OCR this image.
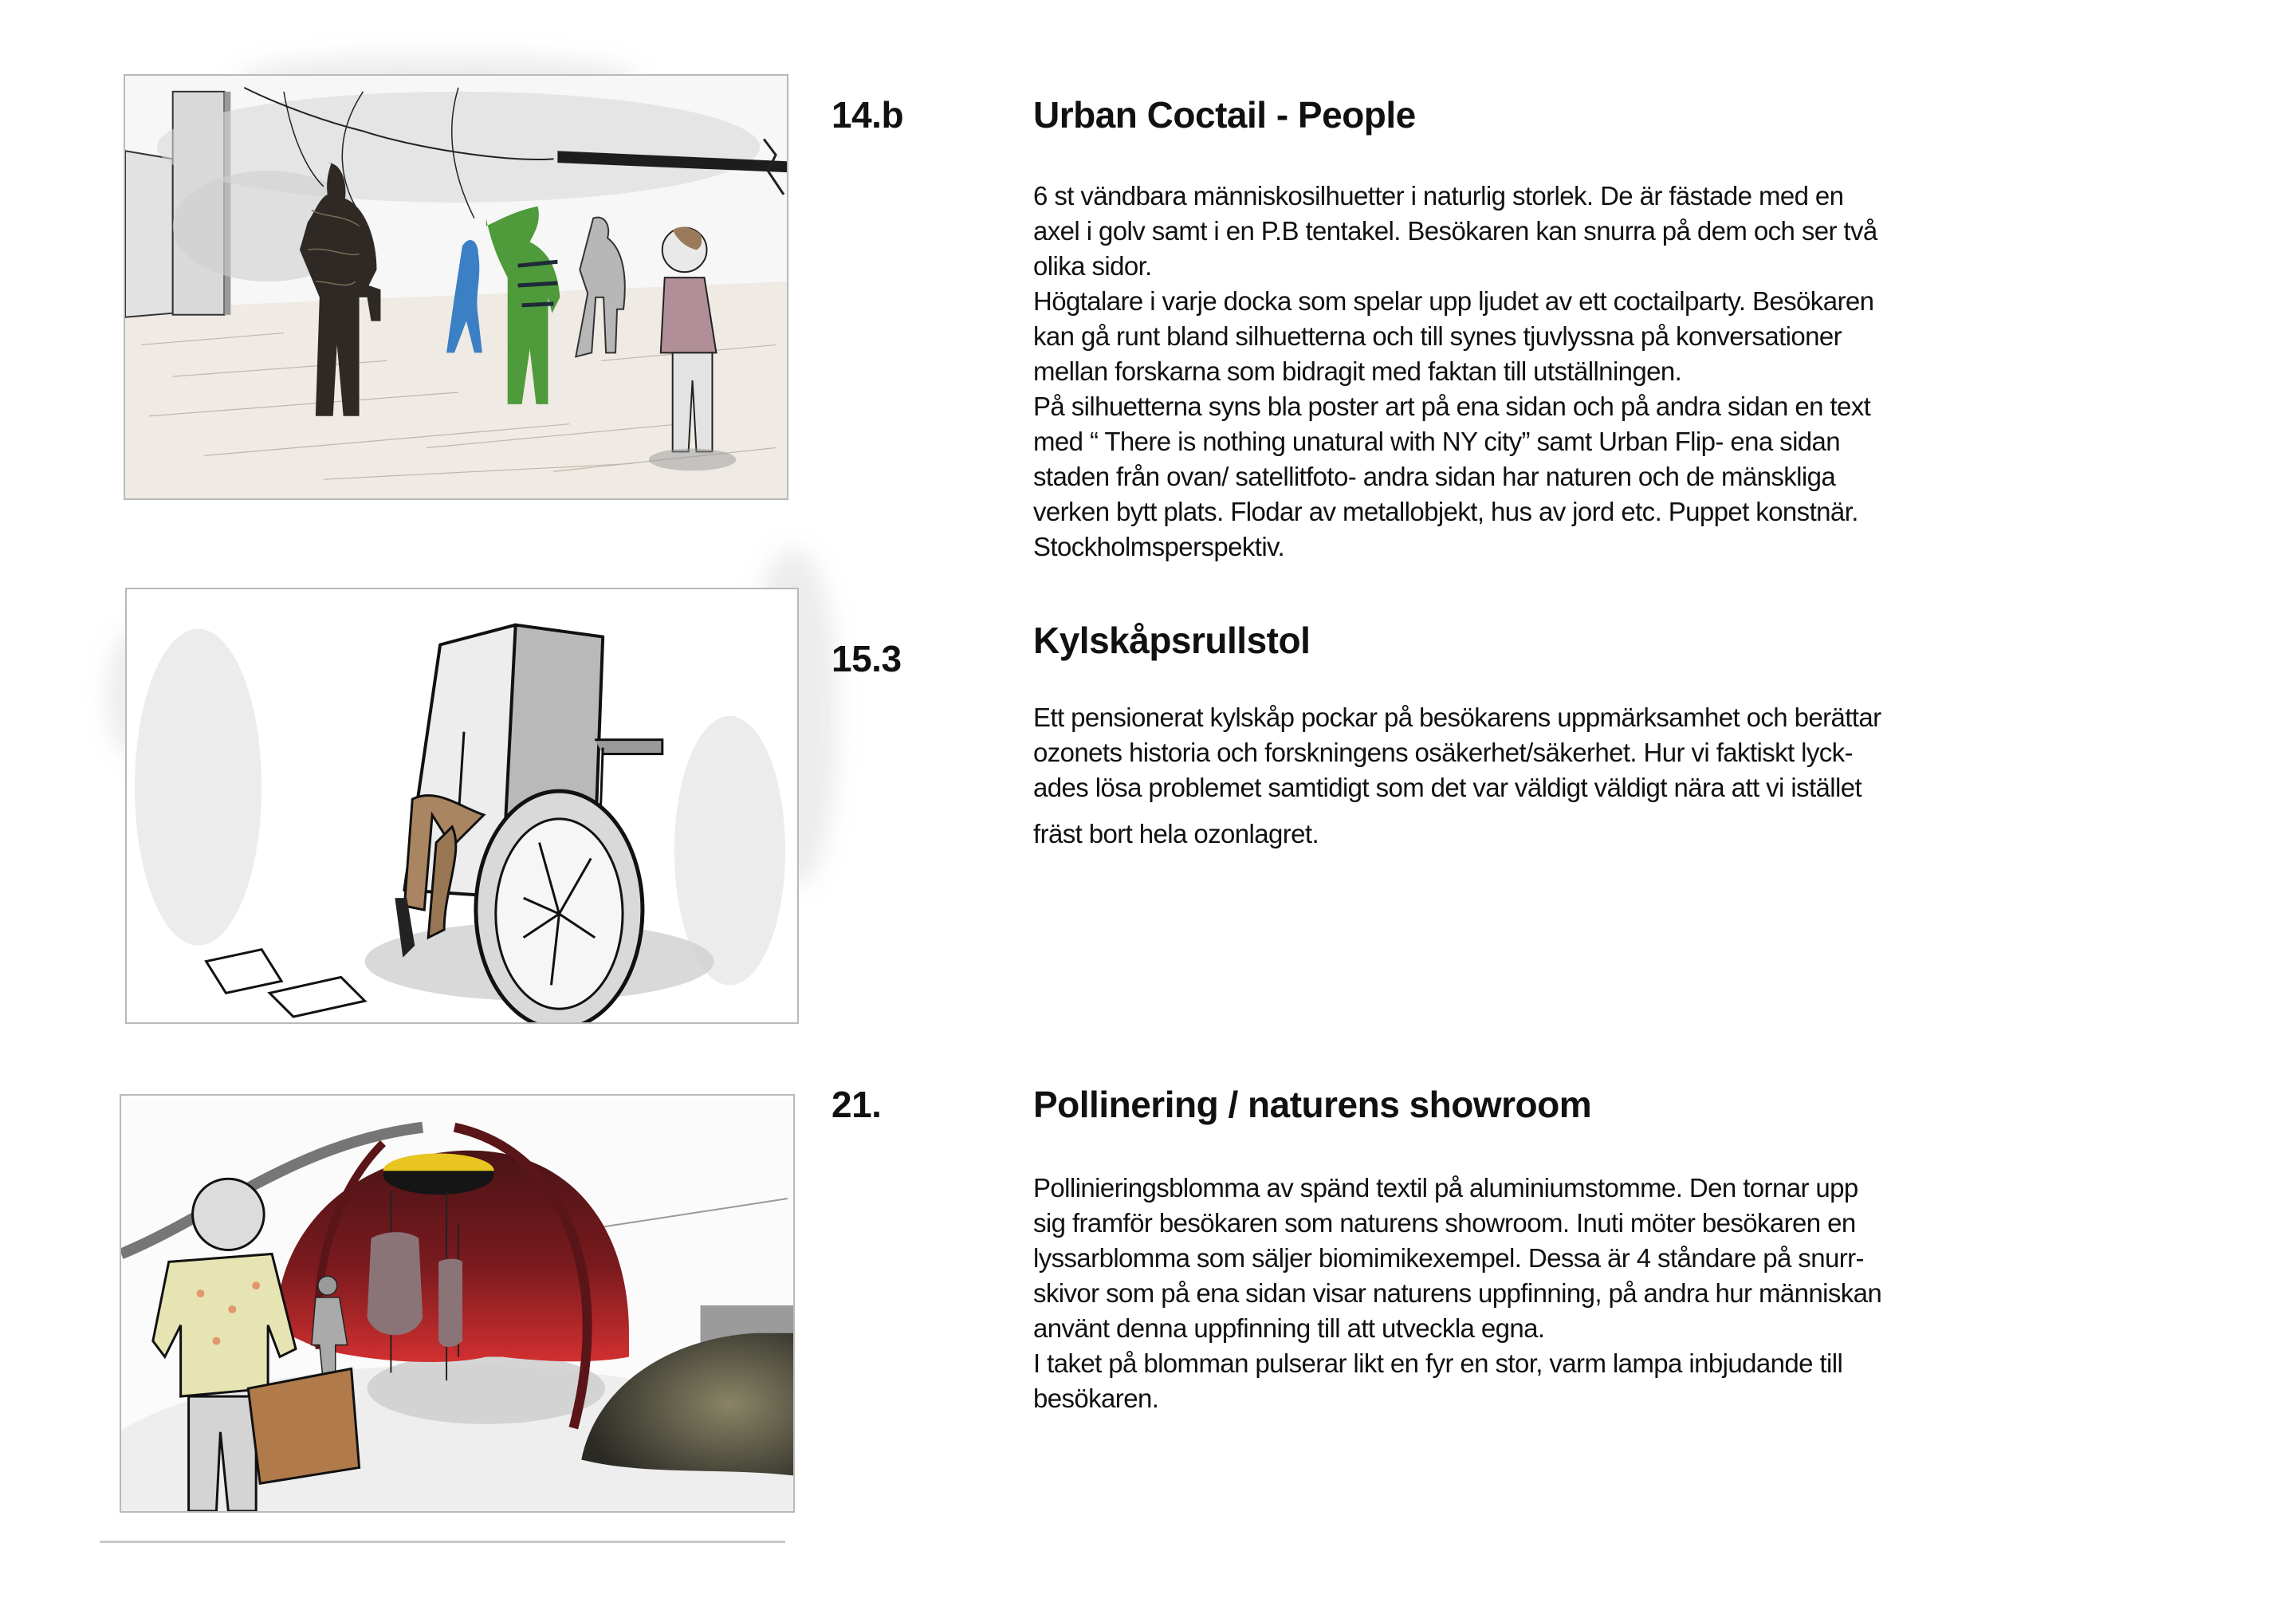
14.b	Urban Coctail - People

6 st vändbara människosilhuetter i naturlig storlek. De är fästade med en

axel i golv samt i en P.B tentakel. Besökaren kan snurra på dem och ser två

olika sidor.

Högtalare i varje docka som spelar upp ljudet av ett coctailparty. Besökaren

kan gå runt bland silhuetterna och till synes tjuvlyssna på konversationer

mellan forskarna som bidragit med faktan till utställningen.

På silhuetterna syns bla poster art på ena sidan och på andra sidan en text

med “ There is nothing unatural with NY city” samt Urban Flip- ena sidan

staden från ovan/ satellitfoto- andra sidan har naturen och de mänskliga

verken bytt plats. Flodar av metallobjekt, hus av jord etc. Puppet konstnär.

Stockholmsperspektiv.

15.3	Kylskåpsrullstol

Ett pensionerat kylskåp pockar på besökarens uppmärksamhet och berättar

ozonets historia och forskningens osäkerhet/säkerhet. Hur vi faktiskt lyck-

ades lösa problemet samtidigt som det var väldigt väldigt nära att vi istället

fräst bort hela ozonlagret.

21.	Pollinering / naturens showroom

Pollinieringsblomma av spänd textil på aluminiumstomme. Den tornar upp

sig framför besökaren som naturens showroom. Inuti möter besökaren en

lyssarblomma som säljer biomimikexempel. Dessa är 4 ståndare på snurr-

skivor som på ena sidan visar naturens uppfinning, på andra hur människan

använt denna uppfinning till att utveckla egna.

I taket på blomman pulserar likt en fyr en stor, varm lampa inbjudande till

besökaren.
